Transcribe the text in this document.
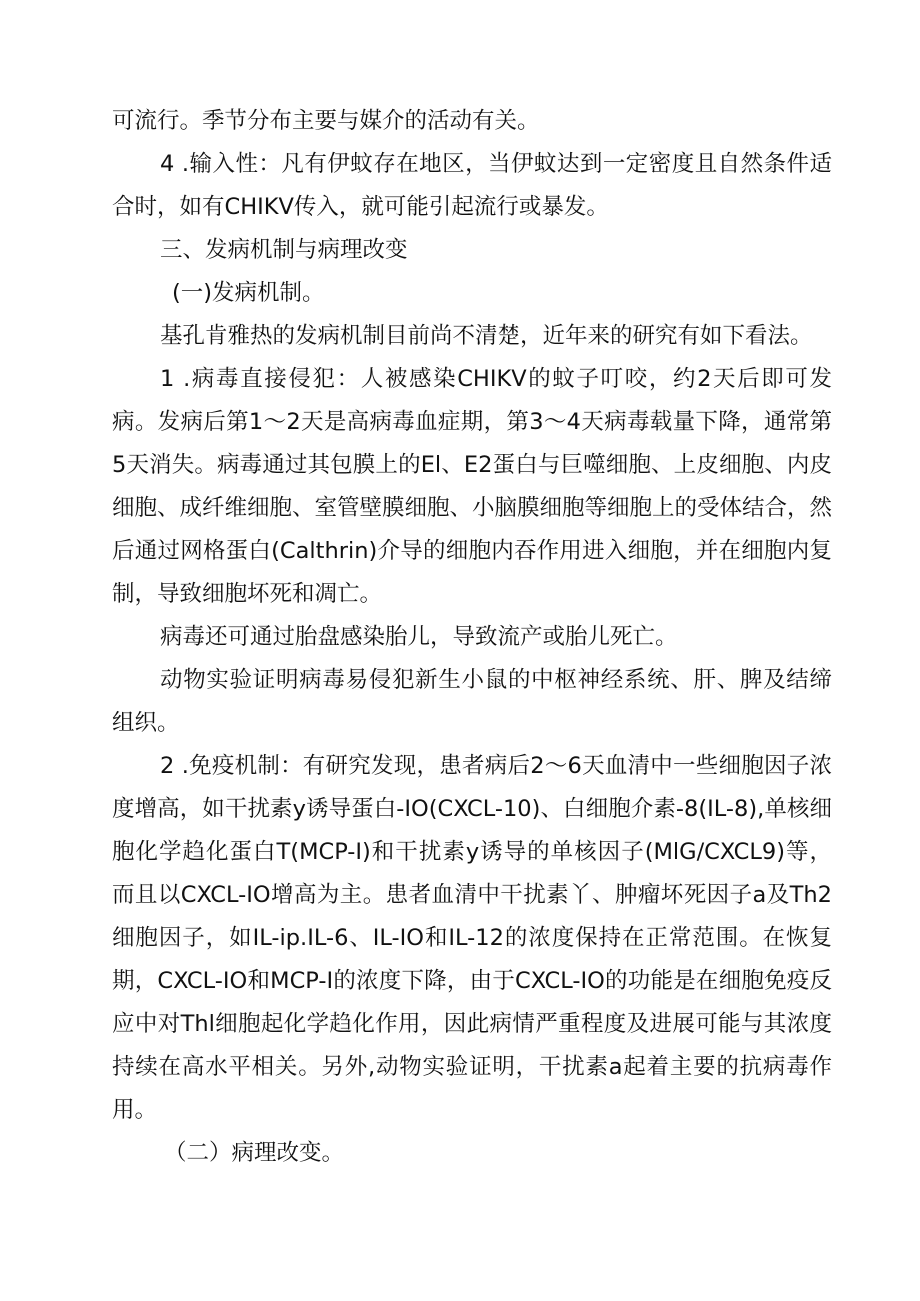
可流行。季节分布主要与媒介的活动有关。

4 .输入性：凡有伊蚊存在地区，当伊蚊达到一定密度且自然条件适合时，如有CHIKV传入，就可能引起流行或暴发。

三、发病机制与病理改变

(一)发病机制。

基孔肯雅热的发病机制目前尚不清楚，近年来的研究有如下看法。

1 .病毒直接侵犯：人被感染CHIKV的蚊子叮咬，约2天后即可发病。发病后第1～2天是高病毒血症期，第3～4天病毒载量下降，通常第5天消失。病毒通过其包膜上的El、E2蛋白与巨噬细胞、上皮细胞、内皮细胞、成纤维细胞、室管壁膜细胞、小脑膜细胞等细胞上的受体结合，然后通过网格蛋白(Calthrin)介导的细胞内吞作用进入细胞，并在细胞内复制，导致细胞坏死和凋亡。

病毒还可通过胎盘感染胎儿，导致流产或胎儿死亡。

动物实验证明病毒易侵犯新生小鼠的中枢神经系统、肝、脾及结缔组织。

2 .免疫机制：有研究发现，患者病后2～6天血清中一些细胞因子浓度增高，如干扰素y诱导蛋白-IO(CXCL-10)、白细胞介素-8(IL-8),单核细胞化学趋化蛋白T(MCP-I)和干扰素y诱导的单核因子(MlG/CXCL9)等，而且以CXCL-IO增高为主。患者血清中干扰素丫、肿瘤坏死因子a及Th2细胞因子，如IL-ip.IL-6、IL-IO和IL-12的浓度保持在正常范围。在恢复期，CXCL-IO和MCP-I的浓度下降，由于CXCL-IO的功能是在细胞免疫反应中对Thl细胞起化学趋化作用，因此病情严重程度及进展可能与其浓度持续在高水平相关。另外,动物实验证明，干扰素a起着主要的抗病毒作用。

（二）病理改变。
